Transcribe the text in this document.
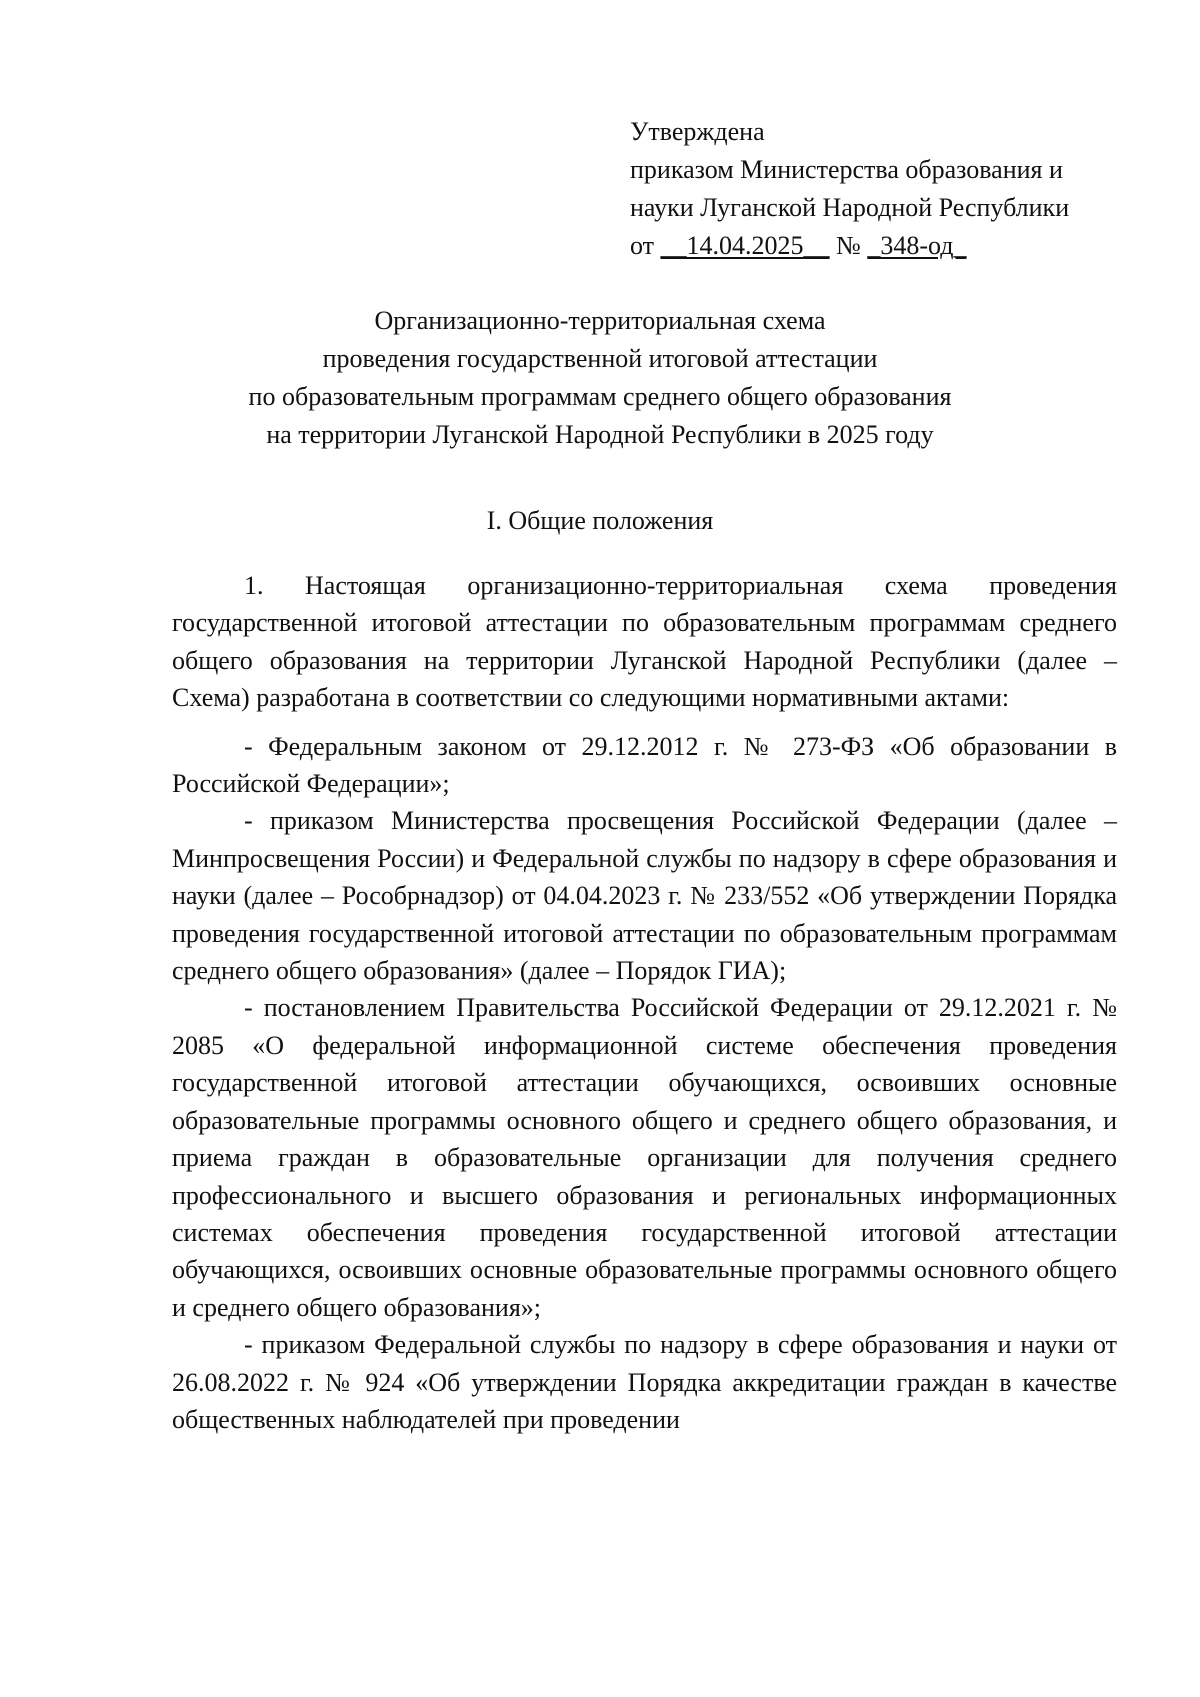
Утверждена
приказом Министерства образования и
науки Луганской Народной Республики
от __14.04.2025__ № _348-од_
Организационно-территориальная схема
проведения государственной итоговой аттестации
по образовательным программам среднего общего образования
на территории Луганской Народной Республики в 2025 году
I. Общие положения

1. Настоящая организационно-территориальная схема проведения государственной итоговой аттестации по образовательным программам среднего общего образования на территории Луганской Народной Республики (далее – Схема) разработана в соответствии со следующими нормативными актами:

- Федеральным законом от 29.12.2012 г. № 273-ФЗ «Об образовании в Российской Федерации»;

- приказом Министерства просвещения Российской Федерации (далее – Минпросвещения России) и Федеральной службы по надзору в сфере образования и науки (далее – Рособрнадзор) от 04.04.2023 г. № 233/552 «Об утверждении Порядка проведения государственной итоговой аттестации по образовательным программам среднего общего образования» (далее – Порядок ГИА);

- постановлением Правительства Российской Федерации от 29.12.2021 г. № 2085 «О федеральной информационной системе обеспечения проведения государственной итоговой аттестации обучающихся, освоивших основные образовательные программы основного общего и среднего общего образования, и приема граждан в образовательные организации для получения среднего профессионального и высшего образования и региональных информационных системах обеспечения проведения государственной итоговой аттестации обучающихся, освоивших основные образовательные программы основного общего и среднего общего образования»;

- приказом Федеральной службы по надзору в сфере образования и науки от 26.08.2022 г. № 924 «Об утверждении Порядка аккредитации граждан в качестве общественных наблюдателей при проведении
